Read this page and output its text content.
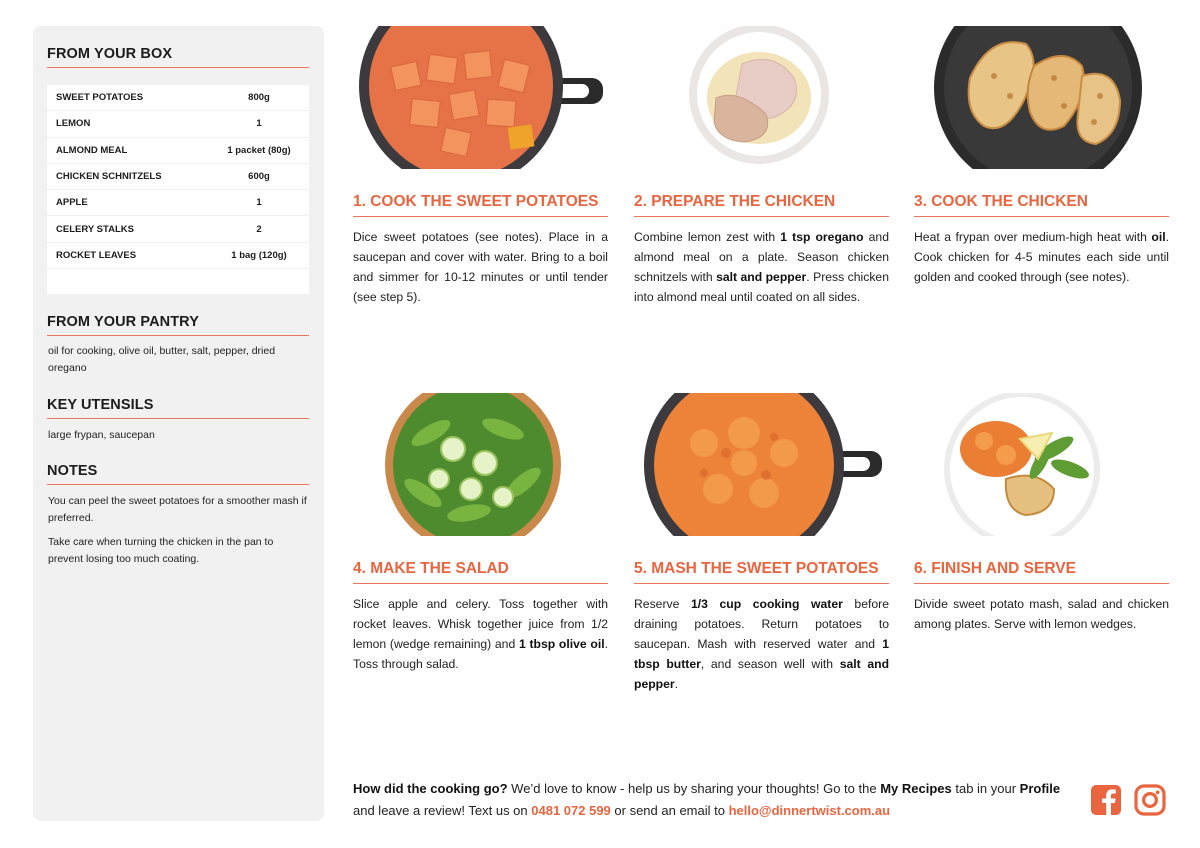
FROM YOUR BOX
SWEET POTATOES	800g
LEMON	1
ALMOND MEAL	1 packet (80g)
CHICKEN SCHNITZELS	600g
APPLE	1
CELERY STALKS	2
ROCKET LEAVES	1 bag (120g)
FROM YOUR PANTRY
oil for cooking, olive oil, butter, salt, pepper, dried oregano
KEY UTENSILS
large frypan, saucepan
NOTES
You can peel the sweet potatoes for a smoother mash if preferred.
Take care when turning the chicken in the pan to prevent losing too much coating.
1. COOK THE SWEET POTATOES

Dice sweet potatoes (see notes). Place in a saucepan and cover with water. Bring to a boil and simmer for 10-12 minutes or until tender (see step 5).

2. PREPARE THE CHICKEN

Combine lemon zest with 1 tsp oregano and almond meal on a plate. Season chicken schnitzels with salt and pepper. Press chicken into almond meal until coated on all sides.

3. COOK THE CHICKEN

Heat a frypan over medium-high heat with oil. Cook chicken for 4-5 minutes each side until golden and cooked through (see notes).

4. MAKE THE SALAD

Slice apple and celery. Toss together with rocket leaves. Whisk together juice from 1/2 lemon (wedge remaining) and 1 tbsp olive oil. Toss through salad.

5. MASH THE SWEET POTATOES

Reserve 1/3 cup cooking water before draining potatoes. Return potatoes to saucepan. Mash with reserved water and 1 tbsp butter, and season well with salt and pepper.

6. FINISH AND SERVE

Divide sweet potato mash, salad and chicken among plates. Serve with lemon wedges.

How did the cooking go? We’d love to know - help us by sharing your thoughts! Go to the My Recipes tab in your Profile and leave a review! Text us on 0481 072 599 or send an email to hello@dinnertwist.com.au
